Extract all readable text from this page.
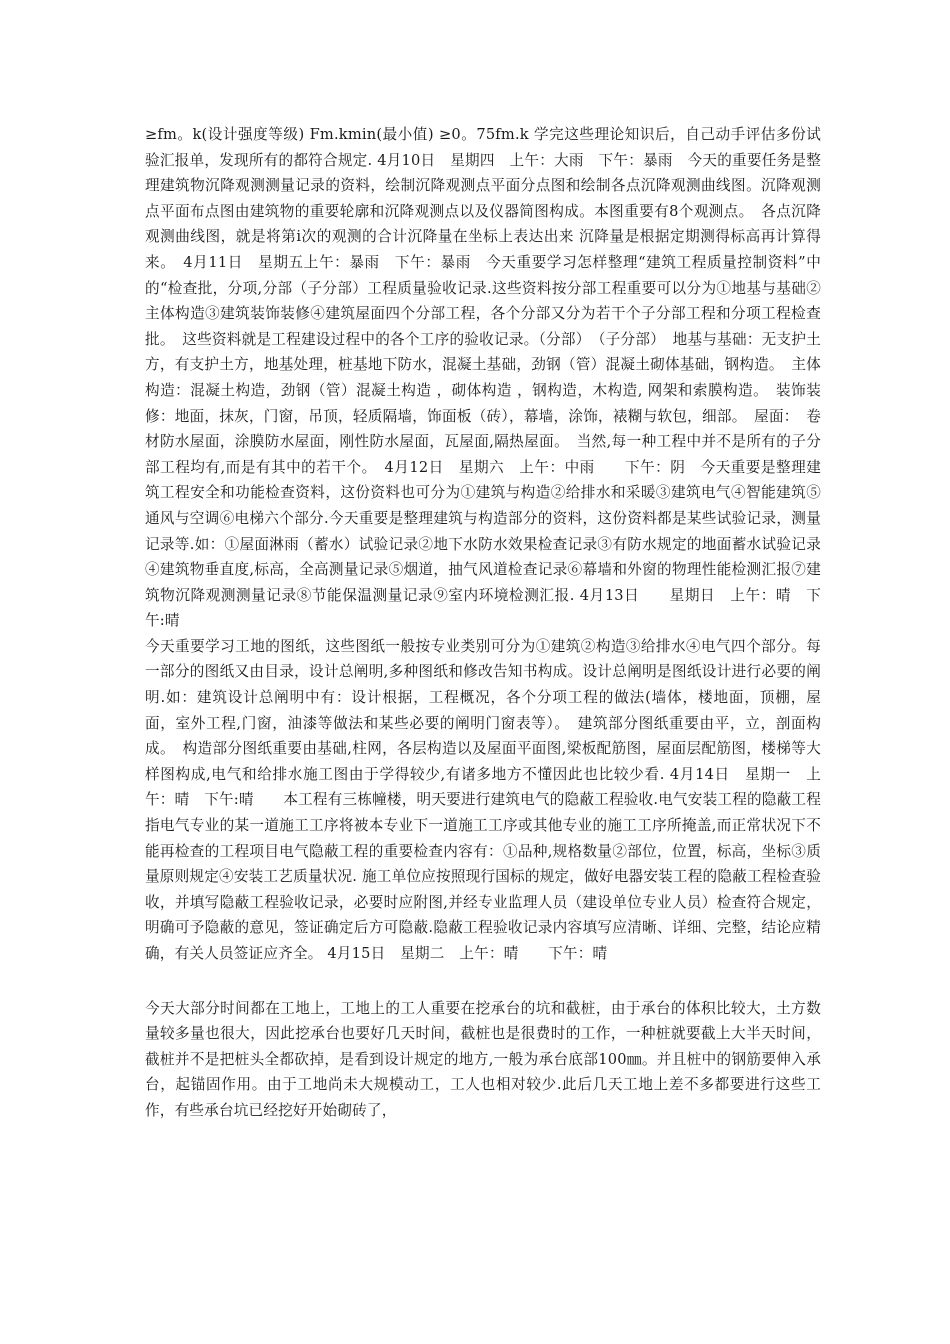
≥fm。k(设计强度等级) Fm.kmin(最小值) ≥0。75fm.k 学完这些理论知识后，自己动手评估多份试验汇报单，发现所有的都符合规定. 4月10日　星期四　上午：大雨　下午：暴雨　今天的重要任务是整理建筑物沉降观测测量记录的资料，绘制沉降观测点平面分点图和绘制各点沉降观测曲线图。沉降观测点平面布点图由建筑物的重要轮廓和沉降观测点以及仪器简图构成。本图重要有8个观测点。　各点沉降观测曲线图，就是将第i次的观测的合计沉降量在坐标上表达出来 沉降量是根据定期测得标高再计算得来。　4月11日　星期五上午：暴雨　下午：暴雨　今天重要学习怎样整理“建筑工程质量控制资料”中的“检查批，分项,分部（子分部）工程质量验收记录.这些资料按分部工程重要可以分为①地基与基础②主体构造③建筑装饰装修④建筑屋面四个分部工程，各个分部又分为若干个子分部工程和分项工程检查批。　这些资料就是工程建设过程中的各个工序的验收记录。（分部）　（子分部）　地基与基础：无支护土方，有支护土方，地基处理，桩基地下防水，混凝土基础，劲钢（管）混凝土砌体基础，钢构造。　主体构造：混凝土构造，劲钢（管）混凝土构造 ，砌体构造 ，钢构造，木构造, 网架和索膜构造。　装饰装修：地面，抹灰，门窗，吊顶，轻质隔墙，饰面板（砖），幕墙，涂饰，裱糊与软包，细部。　屋面：　卷材防水屋面，涂膜防水屋面，刚性防水屋面，瓦屋面,隔热屋面。　当然,每一种工程中并不是所有的子分部工程均有,而是有其中的若干个。　4月12日　星期六　上午：中雨　　下午：阴　今天重要是整理建筑工程安全和功能检查资料，这份资料也可分为①建筑与构造②给排水和采暖③建筑电气④智能建筑⑤通风与空调⑥电梯六个部分.今天重要是整理建筑与构造部分的资料，这份资料都是某些试验记录，测量记录等.如：①屋面淋雨（蓄水）试验记录②地下水防水效果检查记录③有防水规定的地面蓄水试验记录④建筑物垂直度,标高，全高测量记录⑤烟道，抽气风道检查记录⑥幕墙和外窗的物理性能检测汇报⑦建筑物沉降观测测量记录⑧节能保温测量记录⑨室内环境检测汇报. 4月13日　　星期日　上午：晴　下午:晴

今天重要学习工地的图纸，这些图纸一般按专业类别可分为①建筑②构造③给排水④电气四个部分。每一部分的图纸又由目录，设计总阐明,多种图纸和修改告知书构成。设计总阐明是图纸设计进行必要的阐明.如：建筑设计总阐明中有：设计根据，工程概况，各个分项工程的做法(墙体，楼地面，顶棚，屋面，室外工程,门窗，油漆等做法和某些必要的阐明门窗表等）。　建筑部分图纸重要由平，立，剖面构成。　构造部分图纸重要由基础,柱网，各层构造以及屋面平面图,梁板配筋图，屋面层配筋图，楼梯等大样图构成,电气和给排水施工图由于学得较少,有诸多地方不懂因此也比较少看. 4月14日　星期一　上午：晴　下午:晴　　本工程有三栋幢楼，明天要进行建筑电气的隐蔽工程验收.电气安装工程的隐蔽工程指电气专业的某一道施工工序将被本专业下一道施工工序或其他专业的施工工序所掩盖,而正常状况下不能再检查的工程项目电气隐蔽工程的重要检查内容有：①品种,规格数量②部位，位置，标高，坐标③质量原则规定④安装工艺质量状况. 施工单位应按照现行国标的规定，做好电器安装工程的隐蔽工程检查验收，并填写隐蔽工程验收记录，必要时应附图,并经专业监理人员（建设单位专业人员）检查符合规定，明确可予隐蔽的意见，签证确定后方可隐蔽.隐蔽工程验收记录内容填写应清晰、详细、完整，结论应精确，有关人员签证应齐全。 4月15日　星期二　上午：晴　　下午：晴

今天大部分时间都在工地上，工地上的工人重要在挖承台的坑和截桩，由于承台的体积比较大，土方数量较多量也很大，因此挖承台也要好几天时间，截桩也是很费时的工作，一种桩就要截上大半天时间，截桩并不是把桩头全都砍掉，是看到设计规定的地方,一般为承台底部100㎜。并且桩中的钢筋要伸入承台，起锚固作用。由于工地尚未大规模动工，工人也相对较少.此后几天工地上差不多都要进行这些工作，有些承台坑已经挖好开始砌砖了，
